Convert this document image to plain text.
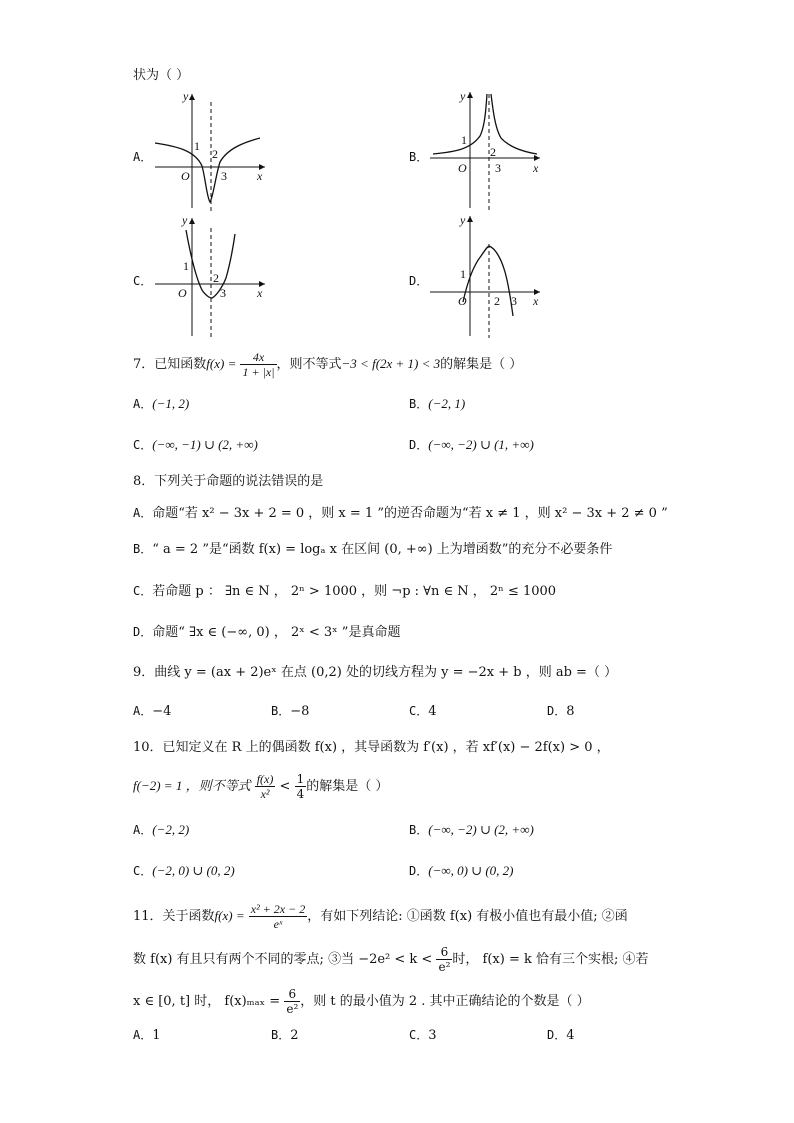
状为（ ）
A．
y
x
O
1
2
3
B．
y
x
O
1
2
3
C．
y
x
O
1
2
3
D．
y
x
O
1
2 3
7．已知函数$f(x) = \frac{4x}{1 + |x|}$ ，则不等式−3 < f(2x + 1) < 3的解集是（ ）
A．(−1, 2)	B．(−2, 1)
C．(−∞, −1) ∪ (2, +∞)	D．(−∞, −2) ∪ (1, +∞)
8．下列关于命题的说法错误的是
A．命题“若 x² − 3x + 2 = 0 ，则 x = 1 ”的逆否命题为“若 x ≠ 1 ，则 x² − 3x + 2 ≠ 0 ”
B．“ a = 2 ”是“函数 f(x) = logₐ x 在区间 (0, +∞) 上为增函数”的充分不必要条件
C．若命题 p ： ∃n ∈ N ， 2ⁿ > 1000 ，则 ¬p : ∀n ∈ N ， 2ⁿ ≤ 1000
D．命题“ ∃x ∈ (−∞, 0) ， 2ˣ < 3ˣ ”是真命题
9．曲线 y = (ax + 2)eˣ 在点 (0,2) 处的切线方程为 y = −2x + b ，则 ab =（ ）
A．−4	B．−8	C．4	D．8
10．已知定义在 R 上的偶函数 f(x) ，其导函数为 f′(x) ，若 xf′(x) − 2f(x) > 0 ，
f(−2) = 1 ，则不等式 $\frac{f(x)}{\text{x²}} < \frac{1}{4}$ 的解集是（ ）
A．(−2, 2)	B．(−∞, −2) ∪ (2, +∞)
C．(−2, 0) ∪ (0, 2)	D．(−∞, 0) ∪ (0, 2)
11．关于函数$f(x) = \frac{\text{x² + 2x − 2}}{\text{eˣ}}$ ，有如下列结论: ①函数 f(x) 有极小值也有最小值; ②函
数 f(x) 有且只有两个不同的零点; ③当 $-2e^2 < k < \frac{6}{\text{e²}}$ 时， f(x) = k 恰有三个实根; ④若
x ∈ [0, t] 时， $f(x)_{max} = \frac{6}{\text{e²}}$ ，则 t 的最小值为 2 . 其中正确结论的个数是（ ）
A．1	B．2	C．3	D．4
